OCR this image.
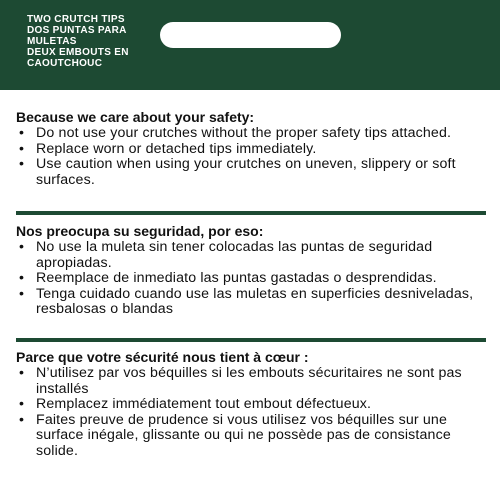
TWO CRUTCH TIPS
DOS PUNTAS PARA
MULETAS
DEUX EMBOUTS EN
CAOUTCHOUC
Because we care about your safety:
• Do not use your crutches without the proper safety tips attached.
• Replace worn or detached tips immediately.
• Use caution when using your crutches on uneven, slippery or soft surfaces.
Nos preocupa su seguridad, por eso:
• No use la muleta sin tener colocadas las puntas de seguridad apropiadas.
• Reemplace de inmediato las puntas gastadas o desprendidas.
• Tenga cuidado cuando use las muletas en superficies desniveladas, resbalosas o blandas
Parce que votre sécurité nous tient à cœur :
• N’utilisez par vos béquilles si les embouts sécuritaires ne sont pas installés
• Remplacez immédiatement tout embout défectueux.
• Faites preuve de prudence si vous utilisez vos béquilles sur une surface inégale, glissante ou qui ne possède pas de consistance solide.
